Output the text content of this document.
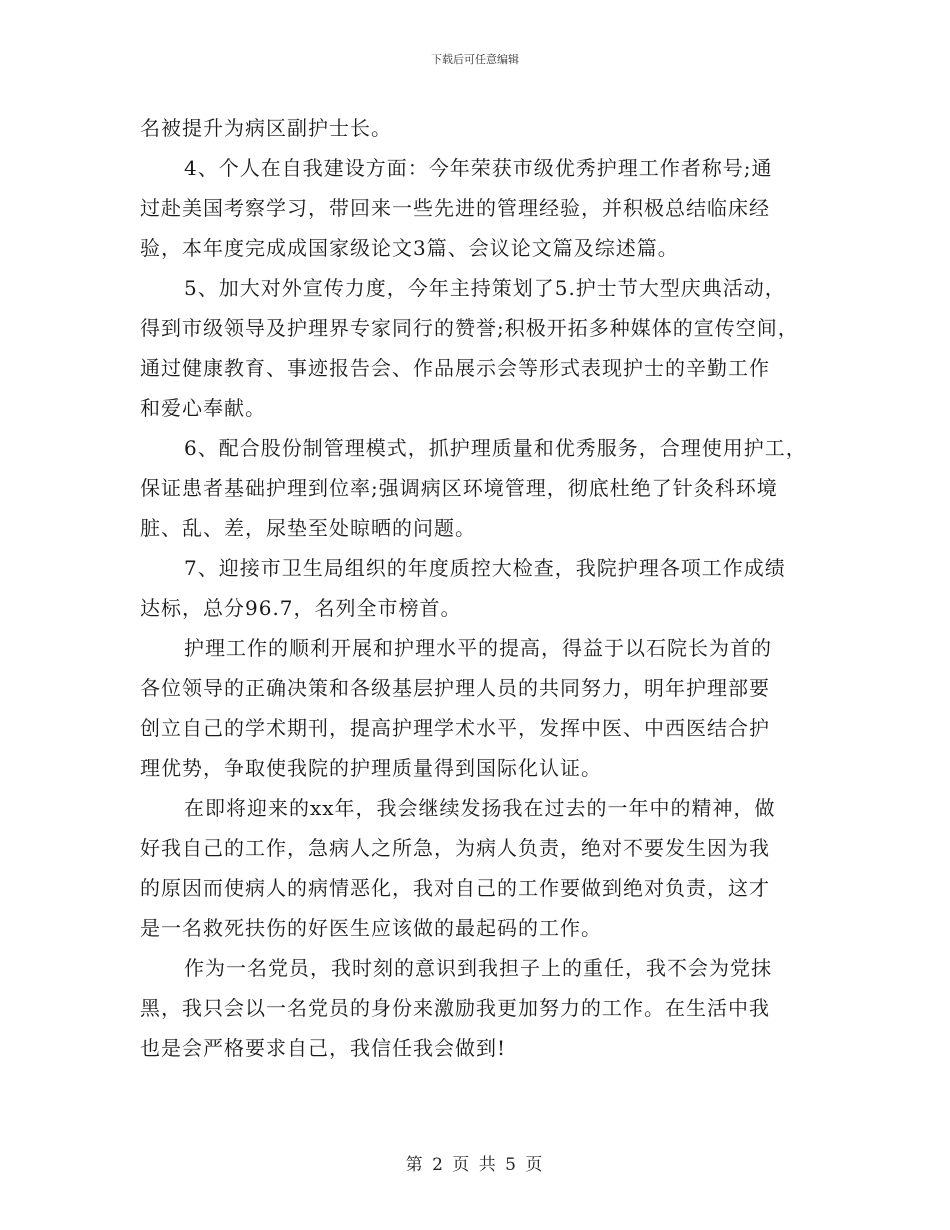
下载后可任意编辑
名被提升为病区副护士长。
4、个人在自我建设方面：今年荣获市级优秀护理工作者称号;通
过赴美国考察学习，带回来一些先进的管理经验，并积极总结临床经
验，本年度完成成国家级论文3篇、会议论文篇及综述篇。
5、加大对外宣传力度，今年主持策划了5.护士节大型庆典活动，
得到市级领导及护理界专家同行的赞誉;积极开拓多种媒体的宣传空间，
通过健康教育、事迹报告会、作品展示会等形式表现护士的辛勤工作
和爱心奉献。
6、配合股份制管理模式，抓护理质量和优秀服务，合理使用护工，
保证患者基础护理到位率;强调病区环境管理，彻底杜绝了针灸科环境
脏、乱、差，尿垫至处晾晒的问题。
7、迎接市卫生局组织的年度质控大检查，我院护理各项工作成绩
达标，总分96.7，名列全市榜首。
护理工作的顺利开展和护理水平的提高，得益于以石院长为首的
各位领导的正确决策和各级基层护理人员的共同努力，明年护理部要
创立自己的学术期刊，提高护理学术水平，发挥中医、中西医结合护
理优势，争取使我院的护理质量得到国际化认证。
在即将迎来的xx年，我会继续发扬我在过去的一年中的精神，做
好我自己的工作，急病人之所急，为病人负责，绝对不要发生因为我
的原因而使病人的病情恶化，我对自己的工作要做到绝对负责，这才
是一名救死扶伤的好医生应该做的最起码的工作。
作为一名党员，我时刻的意识到我担子上的重任，我不会为党抹
黑，我只会以一名党员的身份来激励我更加努力的工作。在生活中我
也是会严格要求自己，我信任我会做到!
第 2 页 共 5 页
